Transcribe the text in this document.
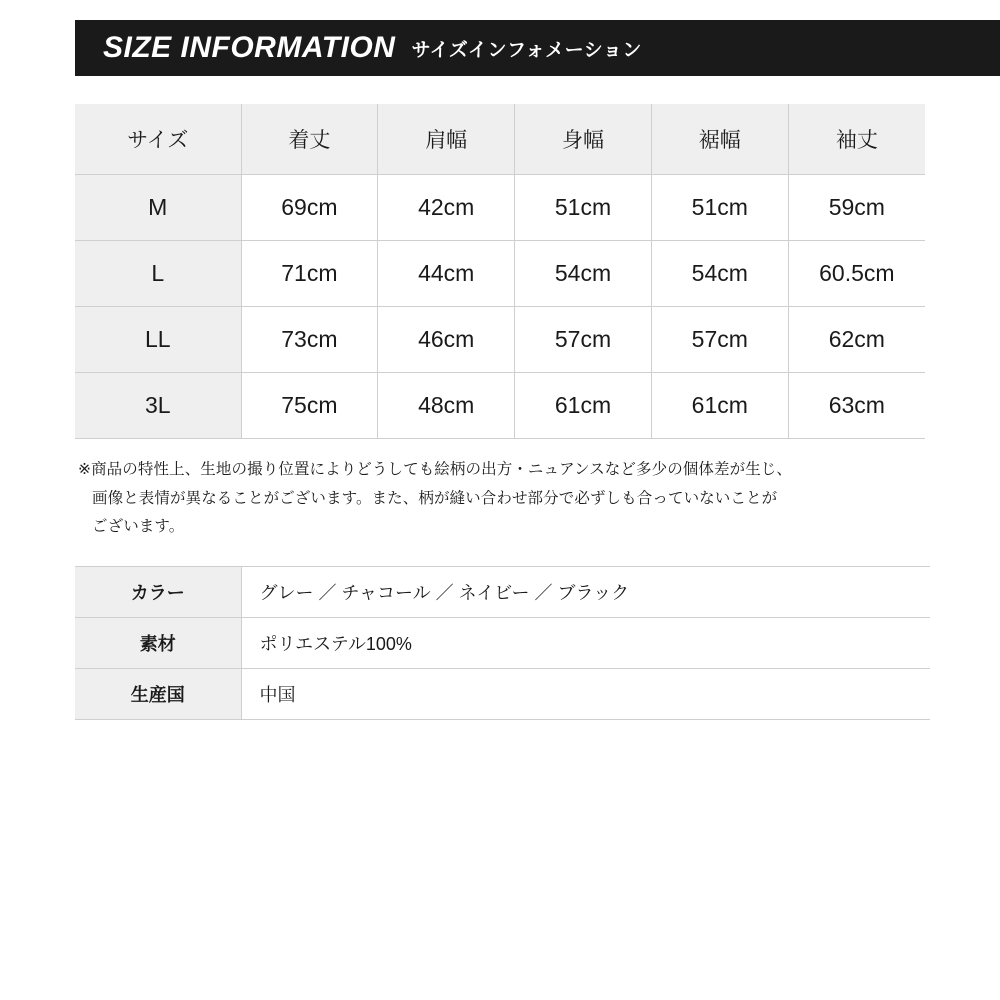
SIZE INFORMATION サイズインフォメーション
サイズ	着丈	肩幅	身幅	裾幅	袖丈
M	69cm	42cm	51cm	51cm	59cm
L	71cm	44cm	54cm	54cm	60.5cm
LL	73cm	46cm	57cm	57cm	62cm
3L	75cm	48cm	61cm	61cm	63cm
※商品の特性上、生地の撮り位置によりどうしても絵柄の出方・ニュアンスなど多少の個体差が生じ、
画像と表情が異なることがございます。また、柄が縫い合わせ部分で必ずしも合っていないことが
ございます。
カラー	グレー ／ チャコール ／ ネイビー ／ ブラック
素材	ポリエステル100%
生産国	中国
